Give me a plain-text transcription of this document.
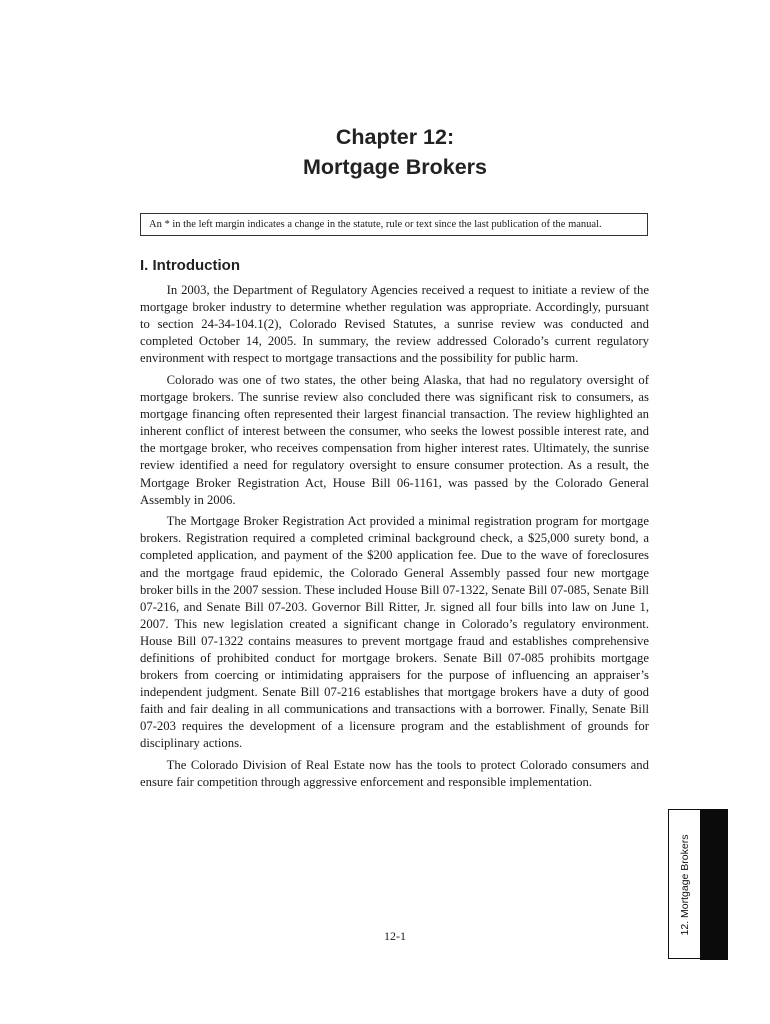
Chapter 12:
Mortgage Brokers
An * in the left margin indicates a change in the statute, rule or text since the last publication of the manual.
I. Introduction

In 2003, the Department of Regulatory Agencies received a request to initiate a review of the mortgage broker industry to determine whether regulation was appropriate. Accordingly, pursuant to section 24-34-104.1(2), Colorado Revised Statutes, a sunrise review was conducted and completed October 14, 2005. In summary, the review addressed Colorado’s current regulatory environment with respect to mortgage transactions and the possibility for public harm.

Colorado was one of two states, the other being Alaska, that had no regulatory oversight of mortgage brokers. The sunrise review also concluded there was significant risk to consumers, as mortgage financing often represented their largest financial transaction. The review highlighted an inherent conflict of interest between the consumer, who seeks the lowest possible interest rate, and the mortgage broker, who receives compensation from higher interest rates. Ultimately, the sunrise review identified a need for regulatory oversight to ensure consumer protection. As a result, the Mortgage Broker Registration Act, House Bill 06-1161, was passed by the Colorado General Assembly in 2006.

The Mortgage Broker Registration Act provided a minimal registration program for mortgage brokers. Registration required a completed criminal background check, a $25,000 surety bond, a completed application, and payment of the $200 application fee. Due to the wave of foreclosures and the mortgage fraud epidemic, the Colorado General Assembly passed four new mortgage broker bills in the 2007 session. These included House Bill 07-1322, Senate Bill 07-085, Senate Bill 07-216, and Senate Bill 07-203. Governor Bill Ritter, Jr. signed all four bills into law on June 1, 2007. This new legislation created a significant change in Colorado’s regulatory environment. House Bill 07-1322 contains measures to prevent mortgage fraud and establishes comprehensive definitions of prohibited conduct for mortgage brokers. Senate Bill 07-085 prohibits mortgage brokers from coercing or intimidating appraisers for the purpose of influencing an appraiser’s independent judgment. Senate Bill 07-216 establishes that mortgage brokers have a duty of good faith and fair dealing in all communications and transactions with a borrower. Finally, Senate Bill 07-203 requires the development of a licensure program and the establishment of grounds for disciplinary actions.

The Colorado Division of Real Estate now has the tools to protect Colorado consumers and ensure fair competition through aggressive enforcement and responsible implementation.

12-1
12. Mortgage Brokers
